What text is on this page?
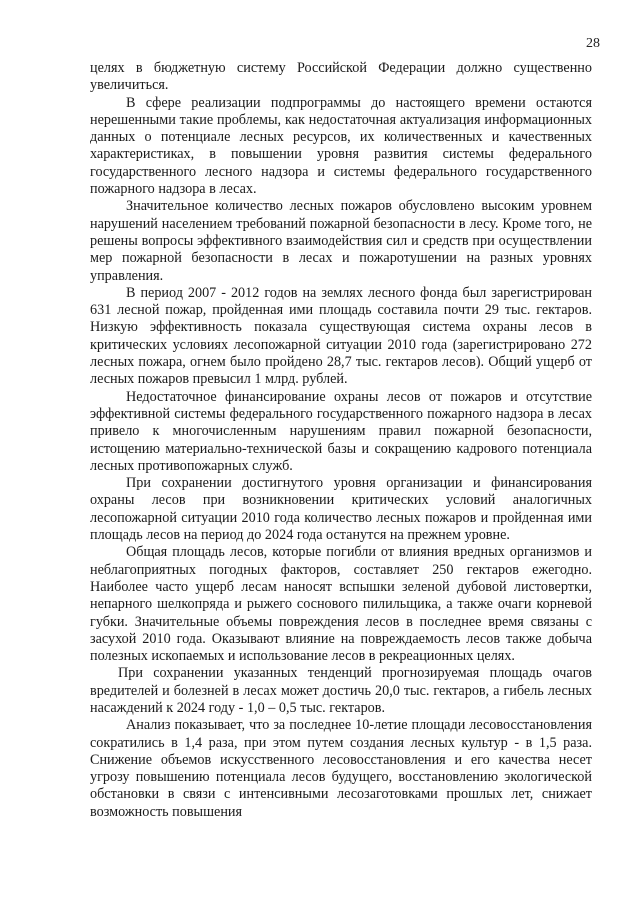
28

целях в бюджетную систему Российской Федерации должно существенно увеличиться.

В сфере реализации подпрограммы до настоящего времени остаются нерешенными такие проблемы, как недостаточная актуализация информационных данных о потенциале лесных ресурсов, их количественных и качественных характеристиках, в повышении уровня развития системы федерального государственного лесного надзора и системы федерального государственного пожарного надзора в лесах.

Значительное количество лесных пожаров обусловлено высоким уровнем нарушений населением требований пожарной безопасности в лесу. Кроме того, не решены вопросы эффективного взаимодействия сил и средств при осуществлении мер пожарной безопасности в лесах и пожаротушении на разных уровнях управления.

В период 2007 - 2012 годов на землях лесного фонда был зарегистрирован 631 лесной пожар, пройденная ими площадь составила почти 29 тыс. гектаров. Низкую эффективность показала существующая система охраны лесов в критических условиях лесопожарной ситуации 2010 года (зарегистрировано 272 лесных пожара, огнем было пройдено 28,7 тыс. гектаров лесов). Общий ущерб от лесных пожаров превысил 1 млрд. рублей.

Недостаточное финансирование охраны лесов от пожаров и отсутствие эффективной системы федерального государственного пожарного надзора в лесах привело к многочисленным нарушениям правил пожарной безопасности, истощению материально-технической базы и сокращению кадрового потенциала лесных противопожарных служб.

При сохранении достигнутого уровня организации и финансирования охраны лесов при возникновении критических условий аналогичных лесопожарной ситуации 2010 года количество лесных пожаров и пройденная ими площадь лесов на период до 2024 года останутся на прежнем уровне.

Общая площадь лесов, которые погибли от влияния вредных организмов и неблагоприятных погодных факторов, составляет 250 гектаров ежегодно. Наиболее часто ущерб лесам наносят вспышки зеленой дубовой листовертки, непарного шелкопряда и рыжего соснового пилильщика, а также очаги корневой губки. Значительные объемы повреждения лесов в последнее время связаны с засухой 2010 года. Оказывают влияние на повреждаемость лесов также добыча полезных ископаемых и использование лесов в рекреационных целях.

При сохранении указанных тенденций прогнозируемая площадь очагов вредителей и болезней в лесах может достичь 20,0 тыс. гектаров, а гибель лесных насаждений к 2024 году - 1,0 – 0,5 тыс. гектаров.

Анализ показывает, что за последнее 10-летие площади лесовосстановления сократились в 1,4 раза, при этом путем создания лесных культур - в 1,5 раза. Снижение объемов искусственного лесовосстановления и его качества несет угрозу повышению потенциала лесов будущего, восстановлению экологической обстановки в связи с интенсивными лесозаготовками прошлых лет, снижает возможность повышения
